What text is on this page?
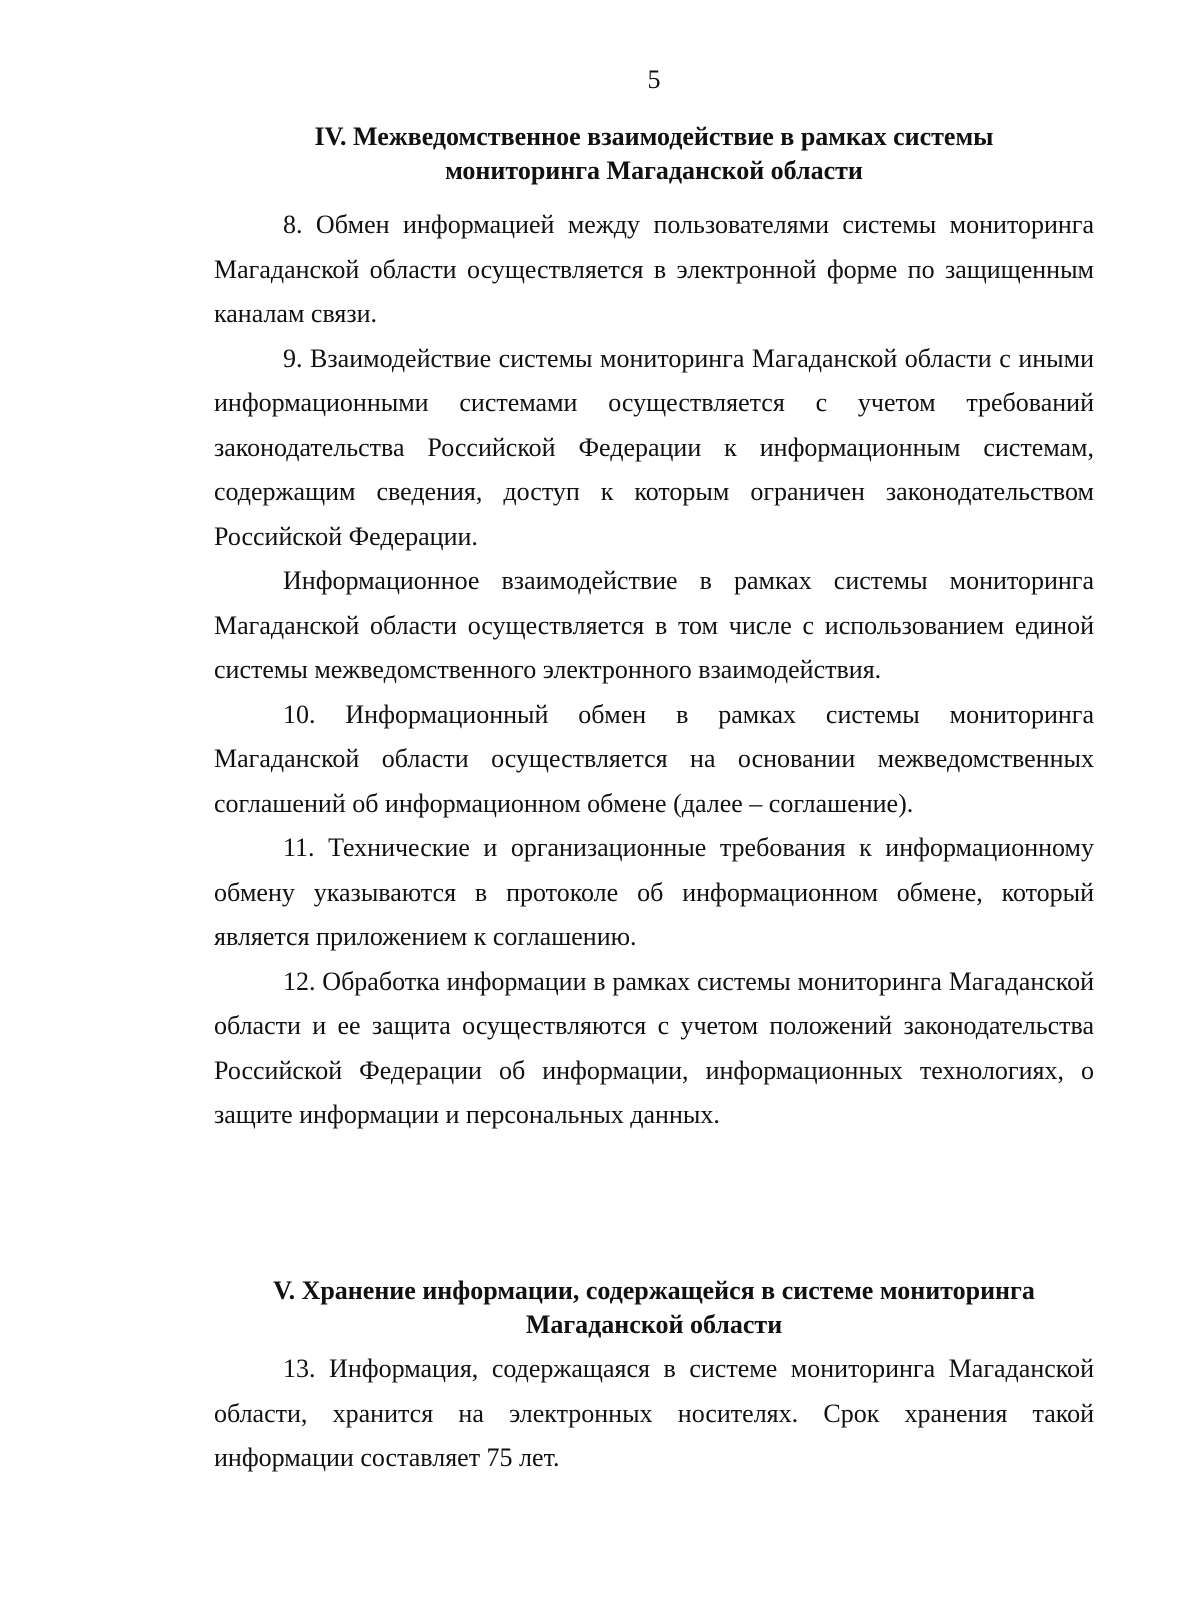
5
IV. Межведомственное взаимодействие в рамках системы
мониторинга Магаданской области

8. Обмен информацией между пользователями системы мониторинга Магаданской области осуществляется в электронной форме по защищенным каналам связи.

9. Взаимодействие системы мониторинга Магаданской области с иными информационными системами осуществляется с учетом требований законодательства Российской Федерации к информационным системам, содержащим сведения, доступ к которым ограничен законодательством Российской Федерации.

Информационное взаимодействие в рамках системы мониторинга Магаданской области осуществляется в том числе с использованием единой системы межведомственного электронного взаимодействия.

10. Информационный обмен в рамках системы мониторинга Магаданской области осуществляется на основании межведомственных соглашений об информационном обмене (далее – соглашение).

11. Технические и организационные требования к информационному обмену указываются в протоколе об информационном обмене, который является приложением к соглашению.

12. Обработка информации в рамках системы мониторинга Магаданской области и ее защита осуществляются с учетом положений законодательства Российской Федерации об информации, информационных технологиях, о защите информации и персональных данных.

V. Хранение информации, содержащейся в системе мониторинга
Магаданской области

13. Информация, содержащаяся в системе мониторинга Магаданской области, хранится на электронных носителях. Срок хранения такой информации составляет 75 лет.
